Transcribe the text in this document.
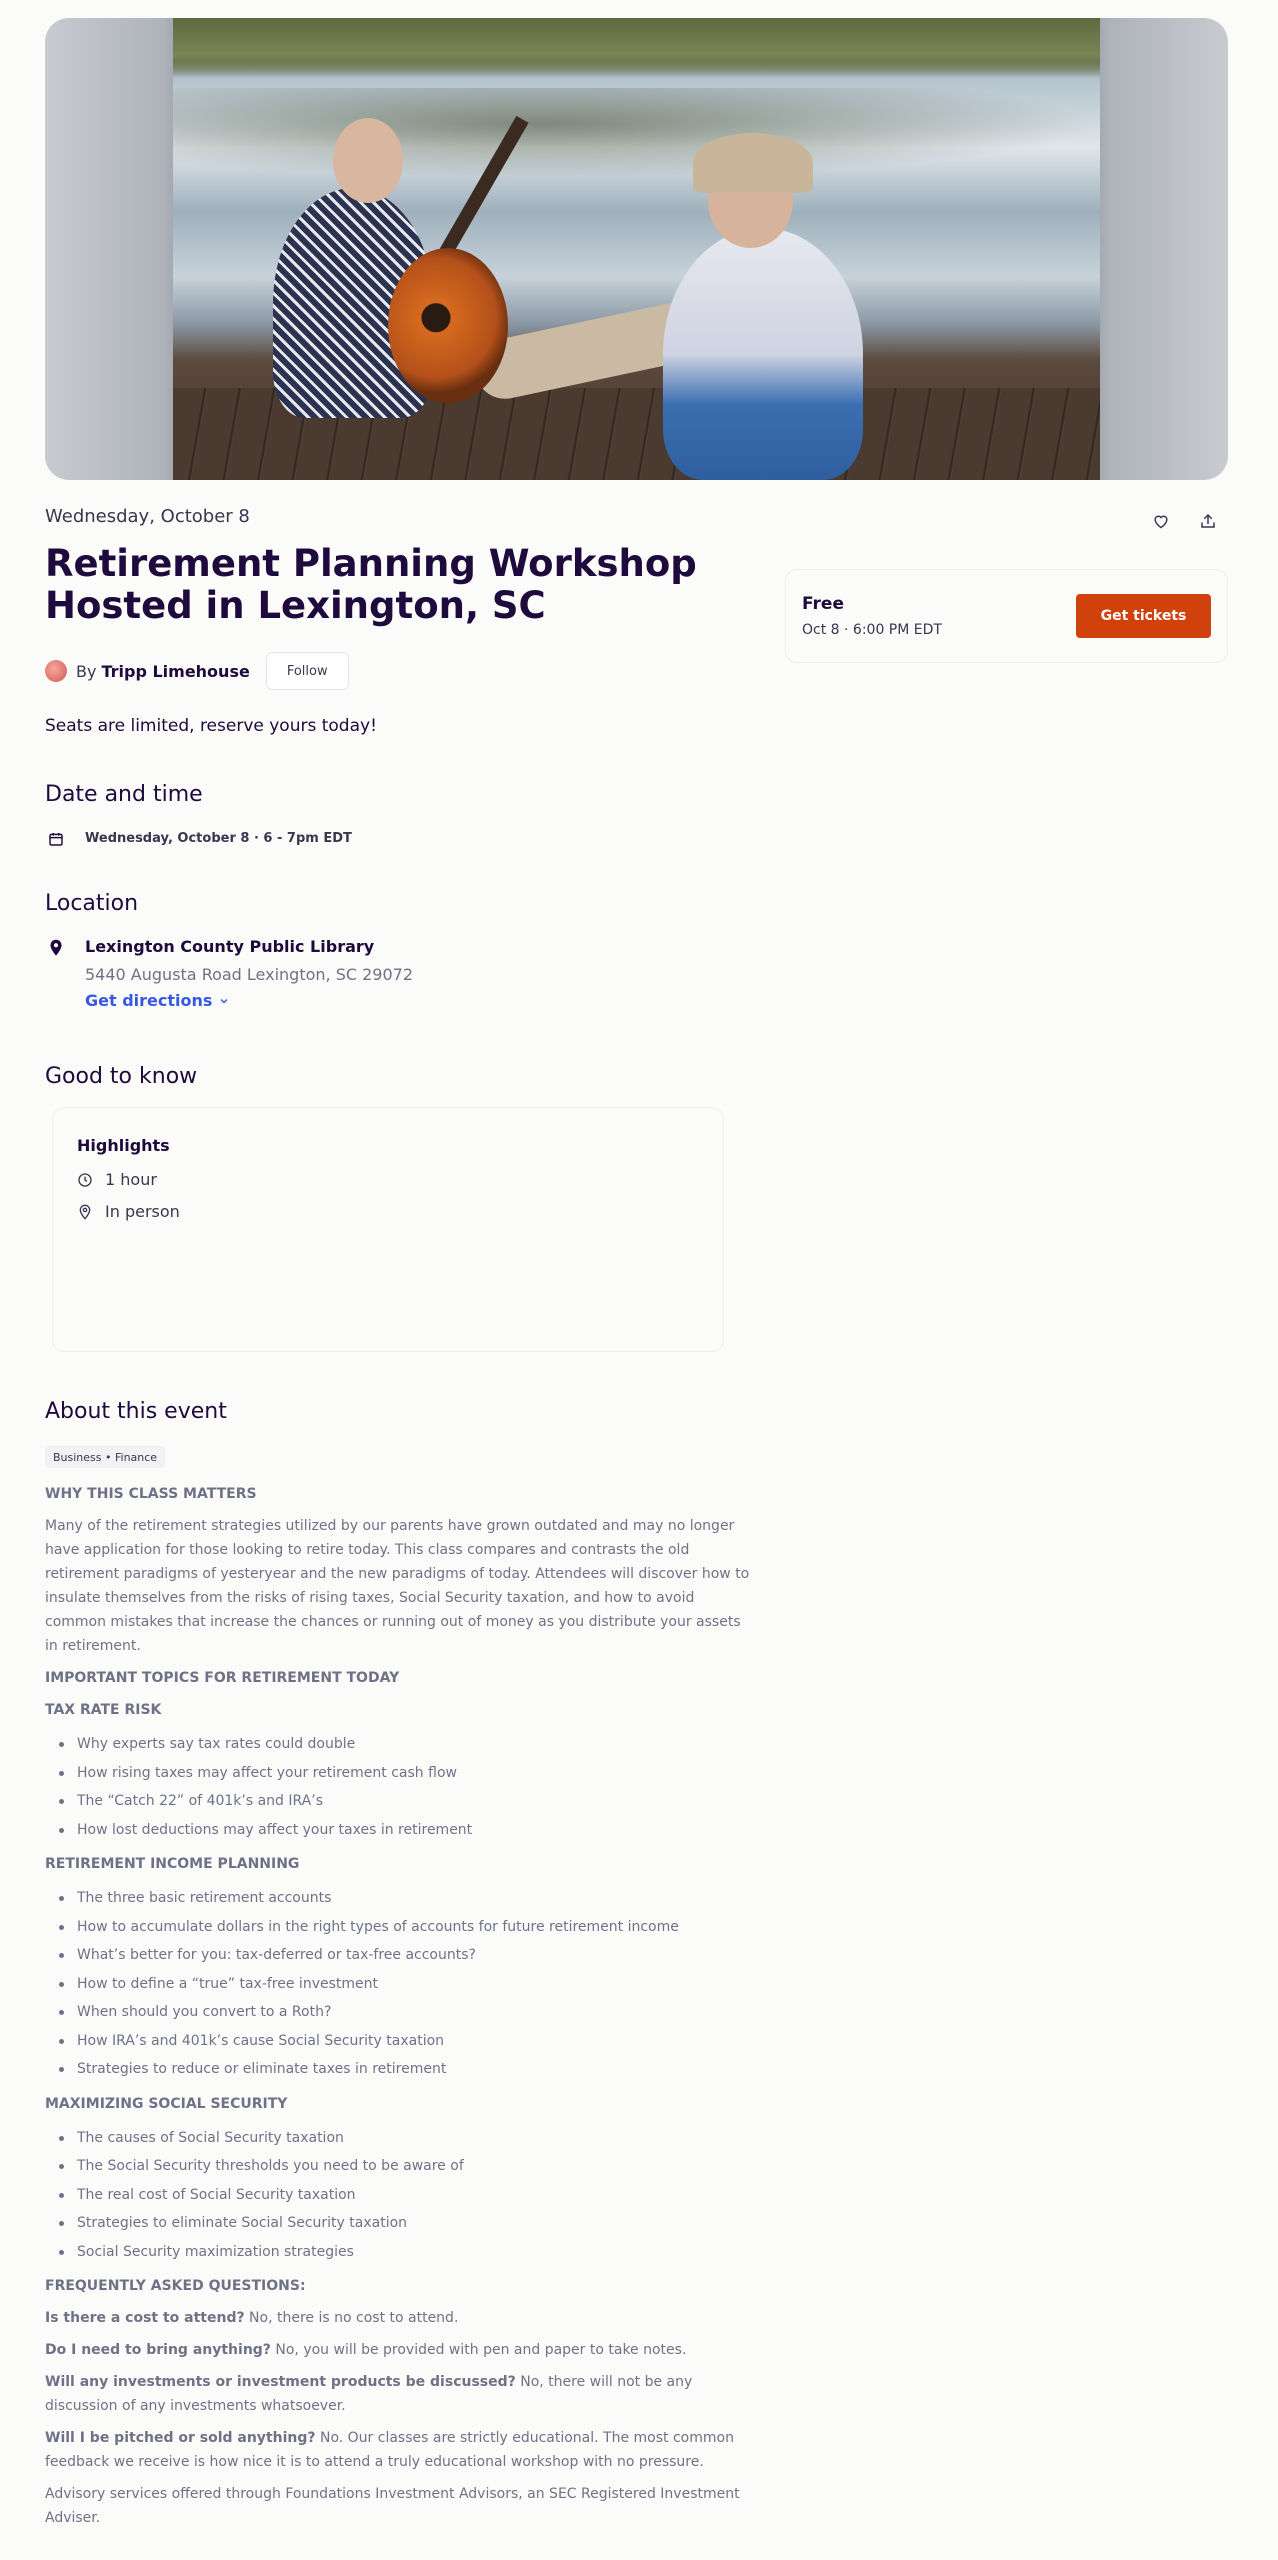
Wednesday, October 8
Retirement Planning Workshop Hosted in Lexington, SC
By Tripp Limehouse	Follow
Seats are limited, reserve yours today!
Date and time
Wednesday, October 8 · 6 - 7pm EDT
Location
Lexington County Public Library
5440 Augusta Road Lexington, SC 29072
Get directions
Good to know
Highlights
1 hour
In person
About this event
Business • Finance
WHY THIS CLASS MATTERS

Many of the retirement strategies utilized by our parents have grown outdated and may no longer have application for those looking to retire today. This class compares and contrasts the old retirement paradigms of yesteryear and the new paradigms of today. Attendees will discover how to insulate themselves from the risks of rising taxes, Social Security taxation, and how to avoid common mistakes that increase the chances or running out of money as you distribute your assets in retirement.

IMPORTANT TOPICS FOR RETIREMENT TODAY
TAX RATE RISK
Why experts say tax rates could double
How rising taxes may affect your retirement cash flow
The “Catch 22” of 401k’s and IRA’s
How lost deductions may affect your taxes in retirement
RETIREMENT INCOME PLANNING
The three basic retirement accounts
How to accumulate dollars in the right types of accounts for future retirement income
What’s better for you: tax-deferred or tax-free accounts?
How to define a “true” tax-free investment
When should you convert to a Roth?
How IRA’s and 401k’s cause Social Security taxation
Strategies to reduce or eliminate taxes in retirement
MAXIMIZING SOCIAL SECURITY
The causes of Social Security taxation
The Social Security thresholds you need to be aware of
The real cost of Social Security taxation
Strategies to eliminate Social Security taxation
Social Security maximization strategies
FREQUENTLY ASKED QUESTIONS:

Is there a cost to attend? No, there is no cost to attend.

Do I need to bring anything? No, you will be provided with pen and paper to take notes.

Will any investments or investment products be discussed? No, there will not be any discussion of any investments whatsoever.

Will I be pitched or sold anything? No. Our classes are strictly educational. The most common feedback we receive is how nice it is to attend a truly educational workshop with no pressure.

Advisory services offered through Foundations Investment Advisors, an SEC Registered Investment Adviser.

Free
Oct 8 · 6:00 PM EDT
Get tickets
